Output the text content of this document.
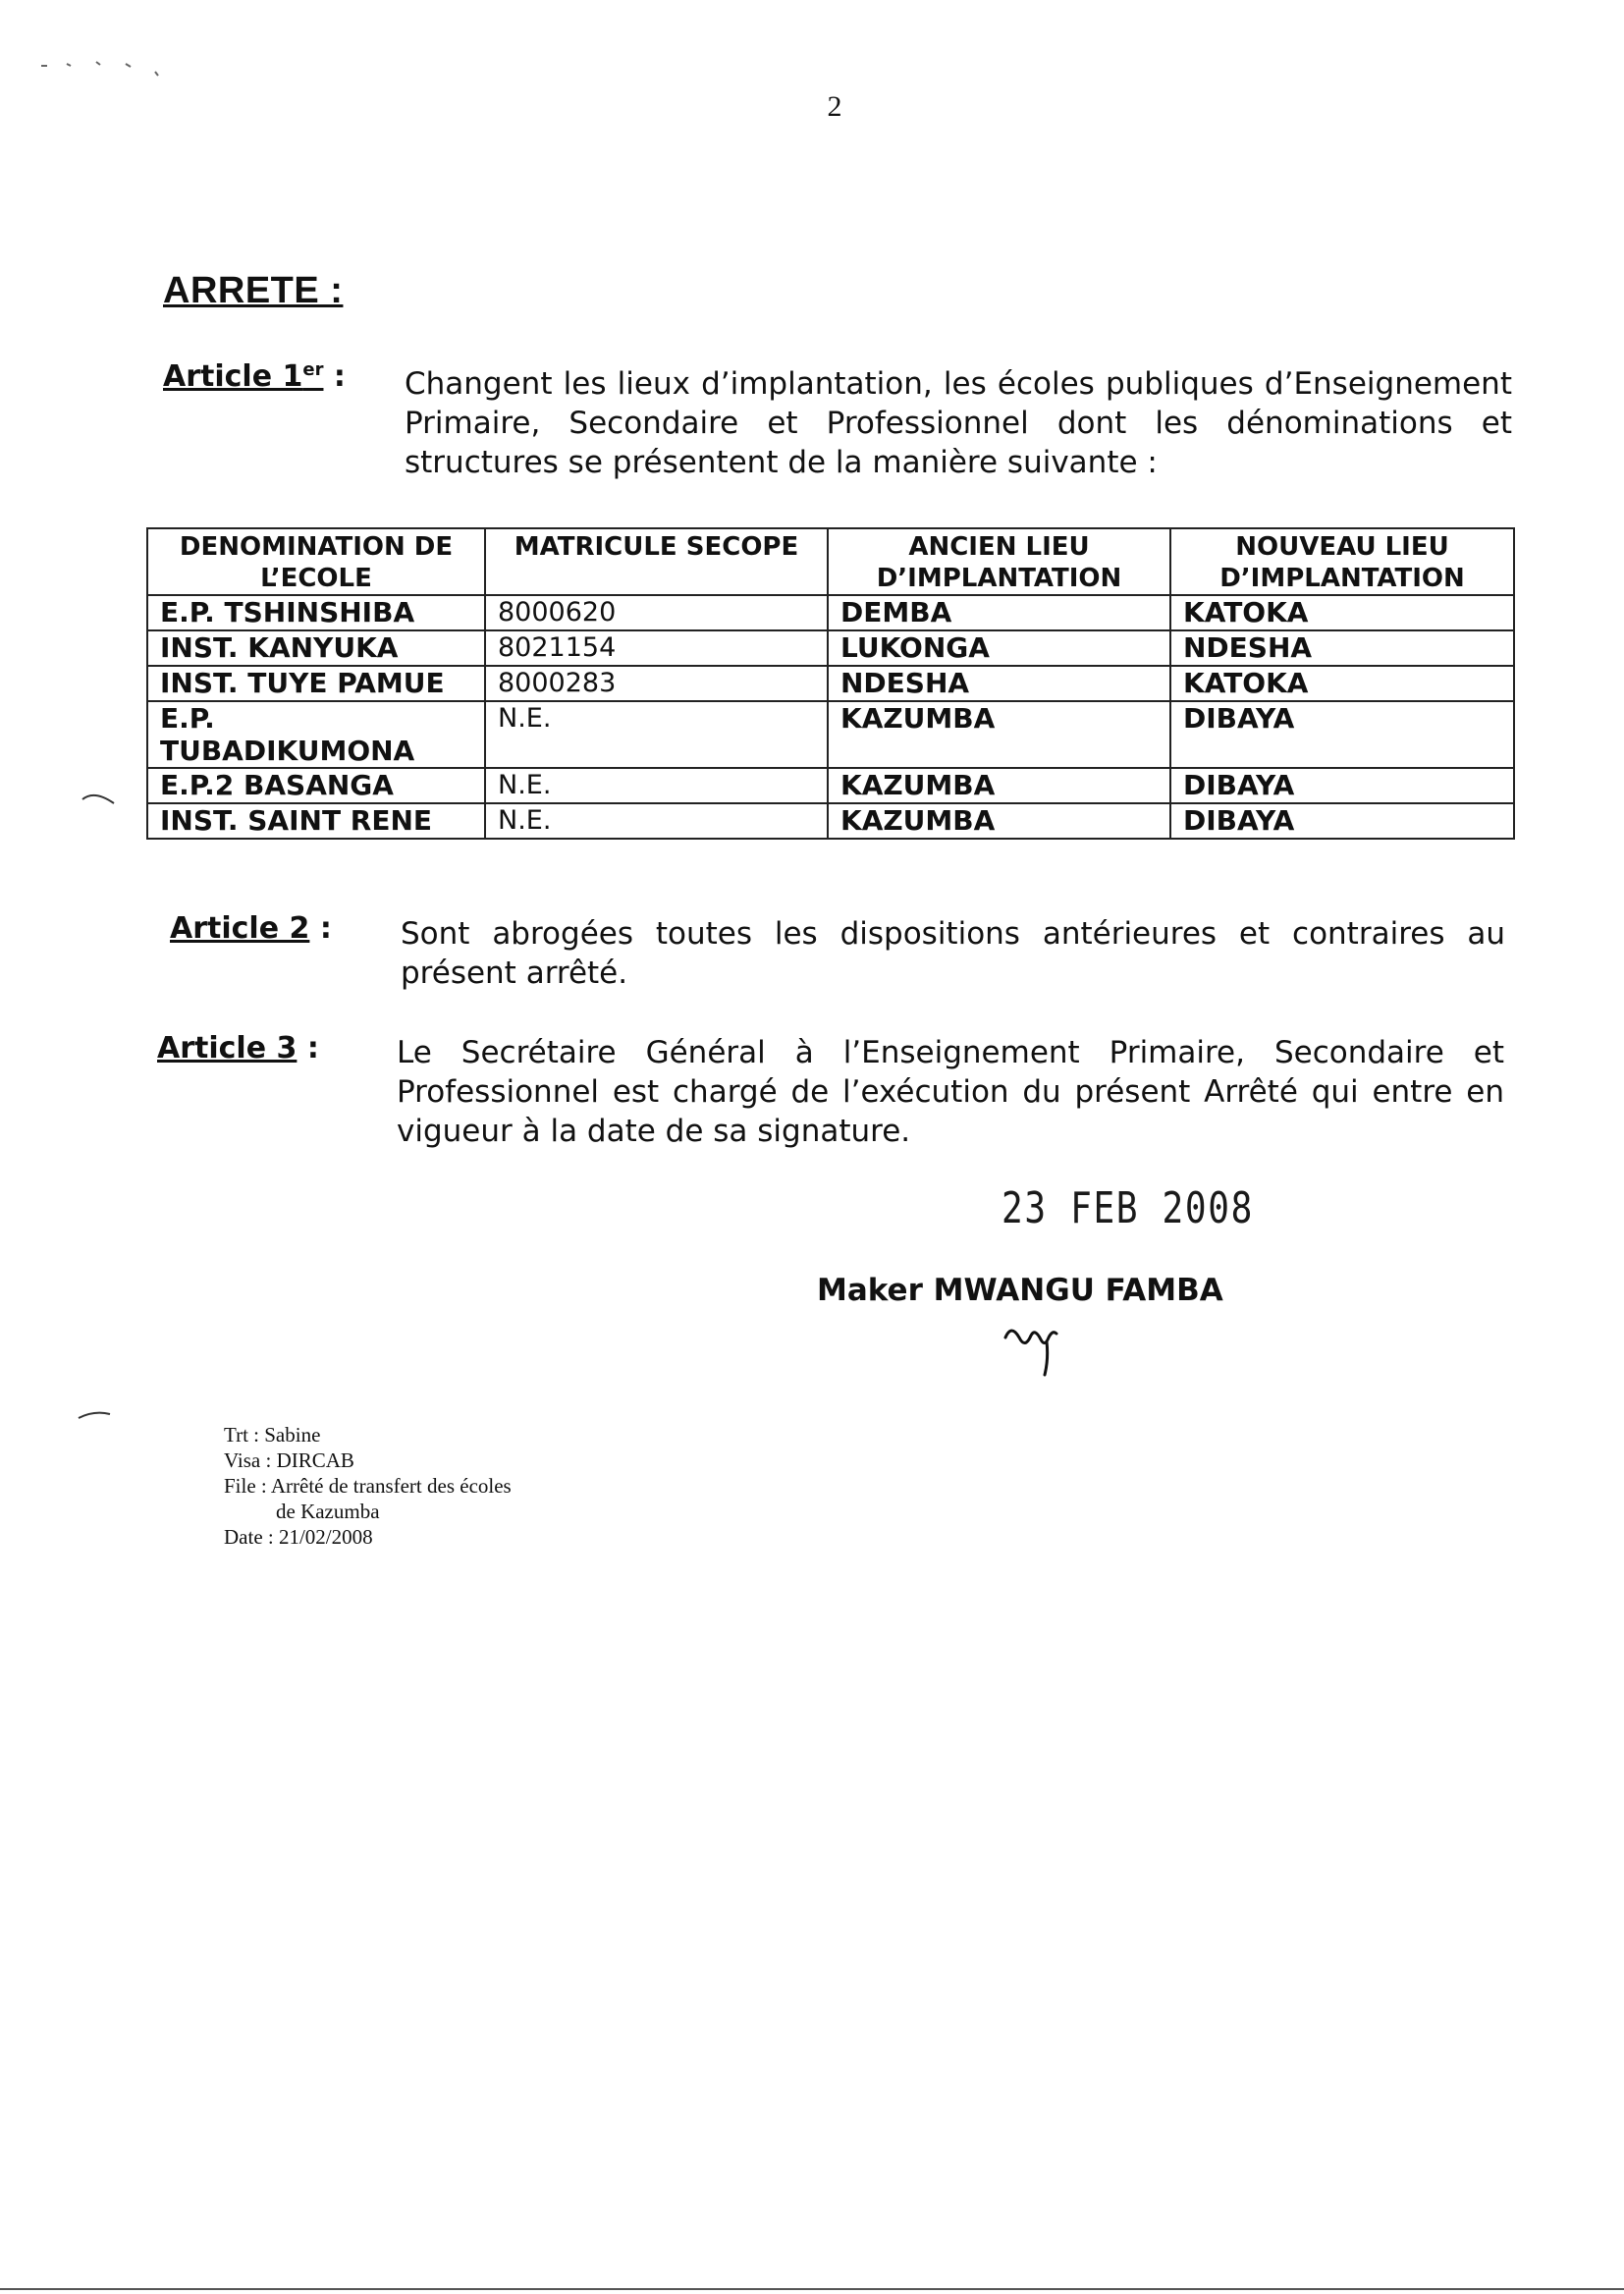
2
ARRETE :
Article 1er : Changent les lieux d’implantation, les écoles publiques d’Enseignement Primaire, Secondaire et Professionnel dont les dénominations et structures se présentent de la manière suivante :
DENOMINATION DE L’ECOLE	MATRICULE SECOPE	ANCIEN LIEU D’IMPLANTATION	NOUVEAU LIEU D’IMPLANTATION
E.P. TSHINSHIBA	8000620	DEMBA	KATOKA
INST. KANYUKA	8021154	LUKONGA	NDESHA
INST. TUYE PAMUE	8000283	NDESHA	KATOKA
E.P. TUBADIKUMONA	N.E.	KAZUMBA	DIBAYA
E.P.2 BASANGA	N.E.	KAZUMBA	DIBAYA
INST. SAINT RENE	N.E.	KAZUMBA	DIBAYA
Article 2 : Sont abrogées toutes les dispositions antérieures et contraires au présent arrêté.
Article 3 :	Le Secrétaire Général à l’Enseignement Primaire, Secondaire et Professionnel est chargé de l’exécution du présent Arrêté qui entre en vigueur à la date de sa signature.
23 FEB 2008
Maker MWANGU FAMBA
Trt : Sabine
Visa : DIRCAB
File : Arrêté de transfert des écoles
de Kazumba
Date : 21/02/2008
